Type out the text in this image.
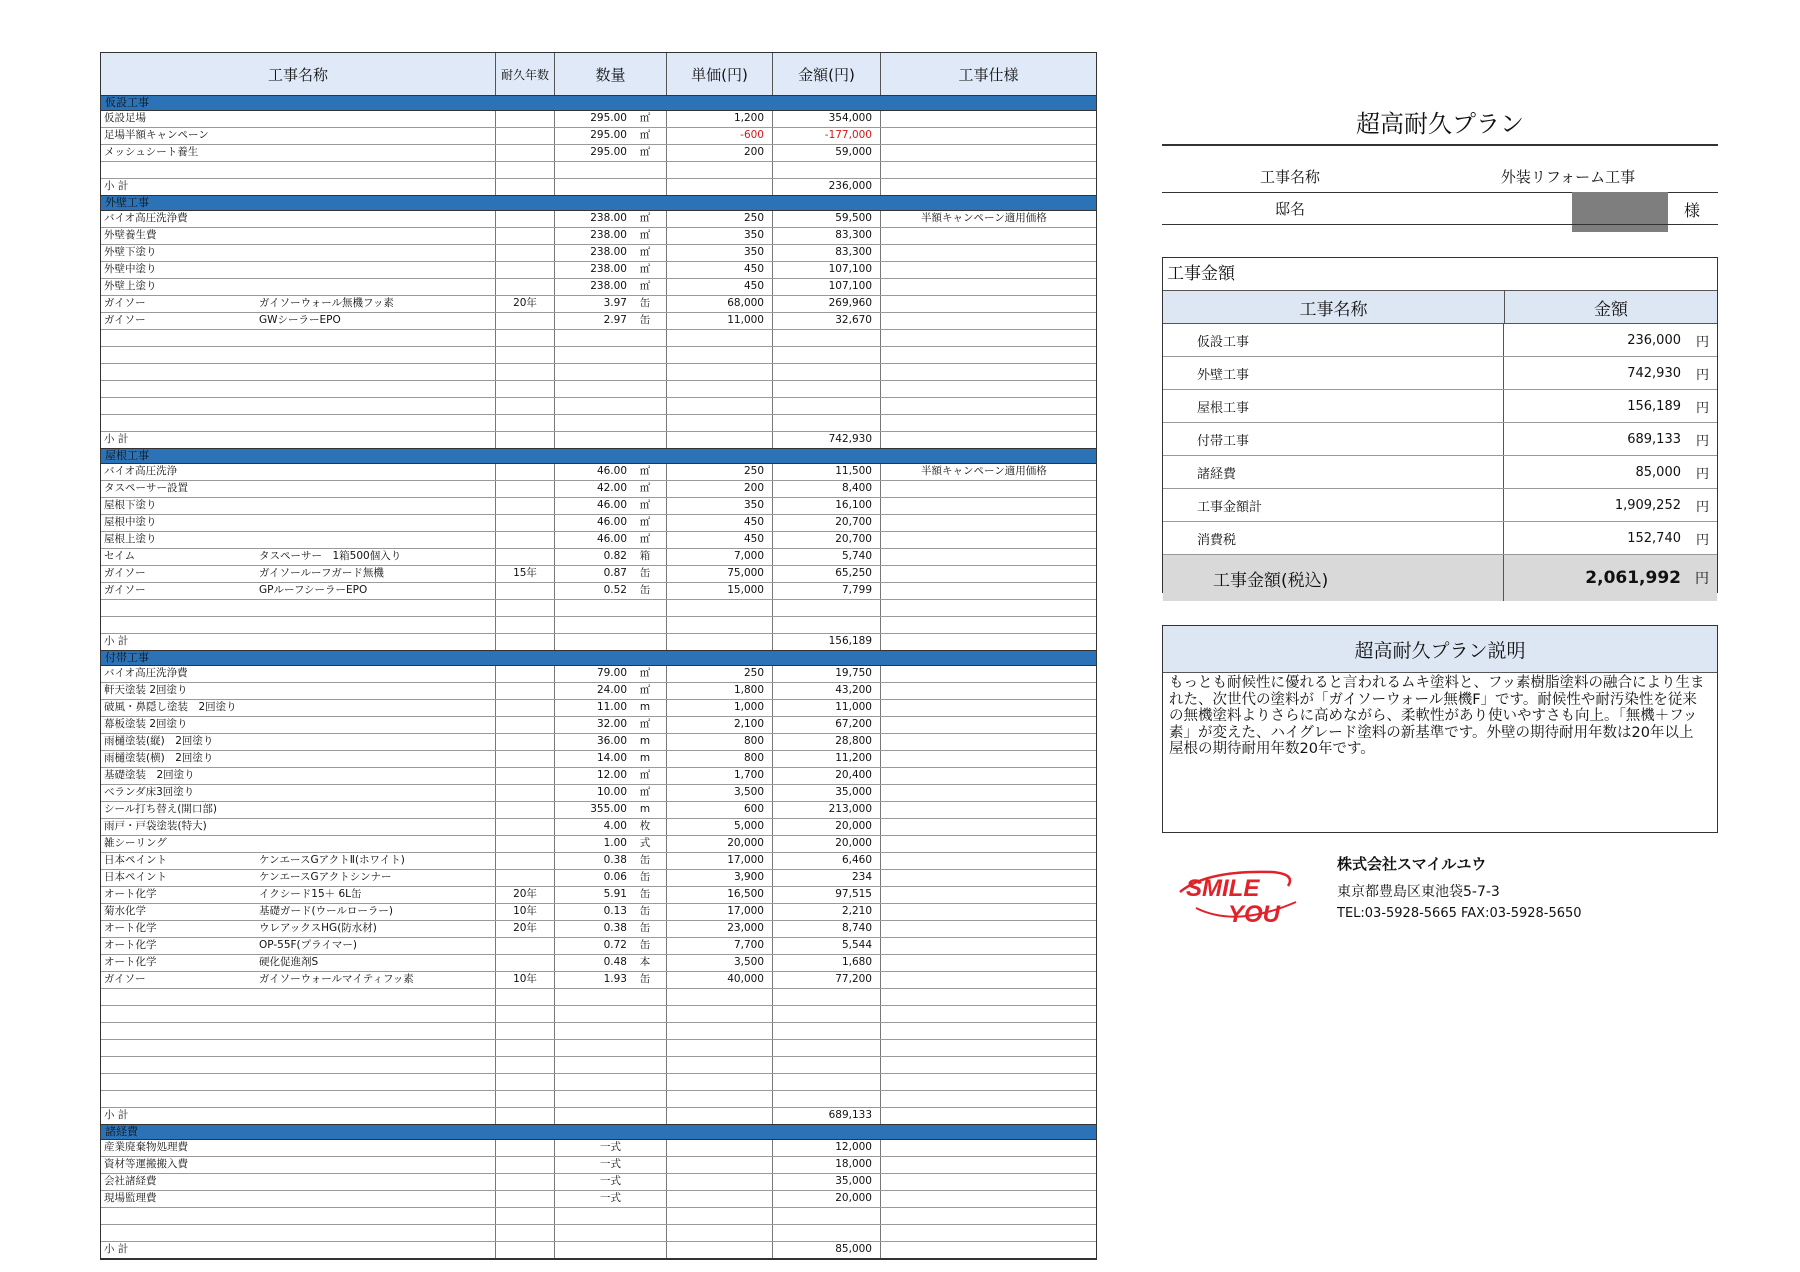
工事名称	耐久年数	数量	単価(円)	金額(円)	工事仕様
仮設工事
仮設足場	295.00	㎡	1,200	354,000
足場半額キャンペーン	295.00	㎡	-600	-177,000
メッシュシート養生	295.00	㎡	200	59,000
小 計	236,000
外壁工事
バイオ高圧洗浄費	238.00	㎡	250	59,500	半額キャンペーン適用価格
外壁養生費	238.00	㎡	350	83,300
外壁下塗り	238.00	㎡	350	83,300
外壁中塗り	238.00	㎡	450	107,100
外壁上塗り	238.00	㎡	450	107,100
ガイソー	ガイソーウォール無機フッ素	20年	3.97	缶	68,000	269,960
ガイソー	GWシーラーEPO	2.97	缶	11,000	32,670
小 計	742,930
屋根工事
バイオ高圧洗浄	46.00	㎡	250	11,500	半額キャンペーン適用価格
タスペーサー設置	42.00	㎡	200	8,400
屋根下塗り	46.00	㎡	350	16,100
屋根中塗り	46.00	㎡	450	20,700
屋根上塗り	46.00	㎡	450	20,700
セイム	タスペーサー　1箱500個入り	0.82	箱	7,000	5,740
ガイソー	ガイソールーフガード無機	15年	0.87	缶	75,000	65,250
ガイソー	GPルーフシーラーEPO	0.52	缶	15,000	7,799
小 計	156,189
付帯工事
バイオ高圧洗浄費	79.00	㎡	250	19,750
軒天塗装 2回塗り	24.00	㎡	1,800	43,200
破風・鼻隠し塗装　2回塗り	11.00	m	1,000	11,000
幕板塗装 2回塗り	32.00	㎡	2,100	67,200
雨樋塗装(縦)　2回塗り	36.00	m	800	28,800
雨樋塗装(横)　2回塗り	14.00	m	800	11,200
基礎塗装　2回塗り	12.00	㎡	1,700	20,400
ベランダ床3回塗り	10.00	㎡	3,500	35,000
シール打ち替え(開口部)	355.00	m	600	213,000
雨戸・戸袋塗装(特大)	4.00	枚	5,000	20,000
雑シーリング	1.00	式	20,000	20,000
日本ペイント	ケンエースGアクトⅡ(ホワイト)	0.38	缶	17,000	6,460
日本ペイント	ケンエースGアクトシンナー	0.06	缶	3,900	234
オート化学	イクシード15＋ 6L缶	20年	5.91	缶	16,500	97,515
菊水化学	基礎ガード(ウールローラー)	10年	0.13	缶	17,000	2,210
オート化学	ウレアックスHG(防水材)	20年	0.38	缶	23,000	8,740
オート化学	OP-55F(プライマー)	0.72	缶	7,700	5,544
オート化学	硬化促進剤S	0.48	本	3,500	1,680
ガイソー	ガイソーウォールマイティフッ素	10年	1.93	缶	40,000	77,200
小 計	689,133
諸経費
産業廃棄物処理費	一式	12,000
資材等運搬搬入費	一式	18,000
会社諸経費	一式	35,000
現場監理費	一式	20,000
小 計	85,000
超高耐久プラン
工事名称	外装リフォーム工事
邸名	様
工事金額
工事名称	金額
仮設工事	236,000	円
外壁工事	742,930	円
屋根工事	156,189	円
付帯工事	689,133	円
諸経費	85,000	円
工事金額計	1,909,252	円
消費税	152,740	円
工事金額(税込)	2,061,992	円
超高耐久プラン説明
もっとも耐候性に優れると言われるムキ塗料と、フッ素樹脂塗料の融合により生まれた、次世代の塗料が「ガイソーウォール無機F」です。耐候性や耐汚染性を従来の無機塗料よりさらに高めながら、柔軟性があり使いやすさも向上。「無機＋フッ素」が変えた、ハイグレード塗料の新基準です。外壁の期待耐用年数は20年以上　屋根の期待耐用年数20年です。
SMILE
YOU
株式会社スマイルユウ
東京都豊島区東池袋5-7-3
TEL:03-5928-5665 FAX:03-5928-5650
